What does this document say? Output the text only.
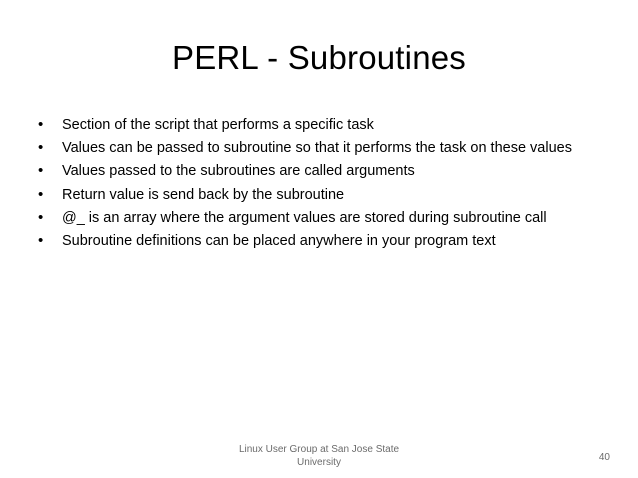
PERL - Subroutines
•	Section of the script that performs a specific task
•	Values can be passed to subroutine so that it performs the task on these values
•	Values passed to the subroutines are called arguments
•	Return value is send back by the subroutine
•	@_ is an array where the argument values are stored during subroutine call
•	Subroutine definitions can be placed anywhere in your program text
Linux User Group at San Jose State
University	40
